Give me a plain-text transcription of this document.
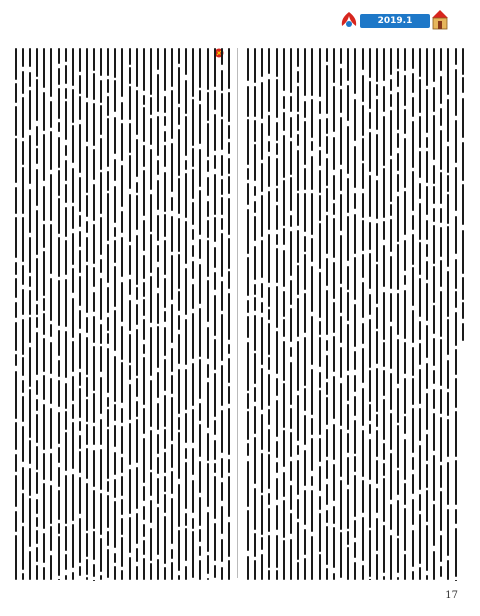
2019.1
17
